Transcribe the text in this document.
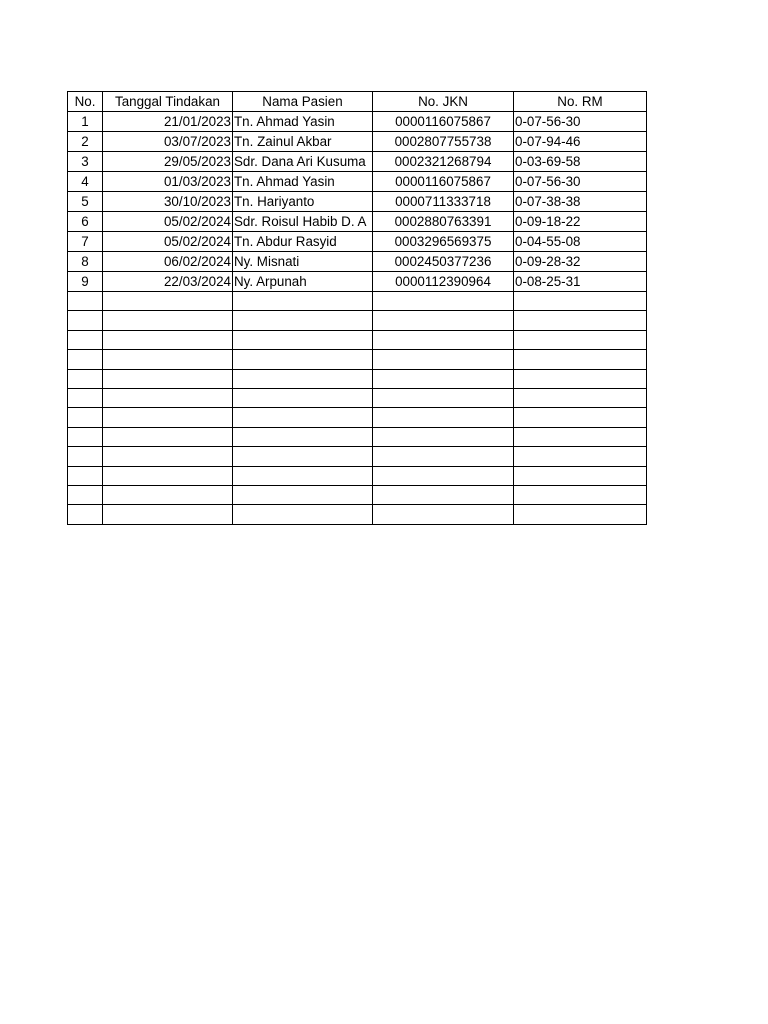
No.	Tanggal Tindakan	Nama Pasien	No. JKN	No. RM
1	21/01/2023	Tn. Ahmad Yasin	0000116075867	0-07-56-30
2	03/07/2023	Tn. Zainul Akbar	0002807755738	0-07-94-46
3	29/05/2023	Sdr. Dana Ari Kusuma	0002321268794	0-03-69-58
4	01/03/2023	Tn. Ahmad Yasin	0000116075867	0-07-56-30
5	30/10/2023	Tn. Hariyanto	0000711333718	0-07-38-38
6	05/02/2024	Sdr. Roisul Habib D. A	0002880763391	0-09-18-22
7	05/02/2024	Tn. Abdur Rasyid	0003296569375	0-04-55-08
8	06/02/2024	Ny. Misnati	0002450377236	0-09-28-32
9	22/03/2024	Ny. Arpunah	0000112390964	0-08-25-31
